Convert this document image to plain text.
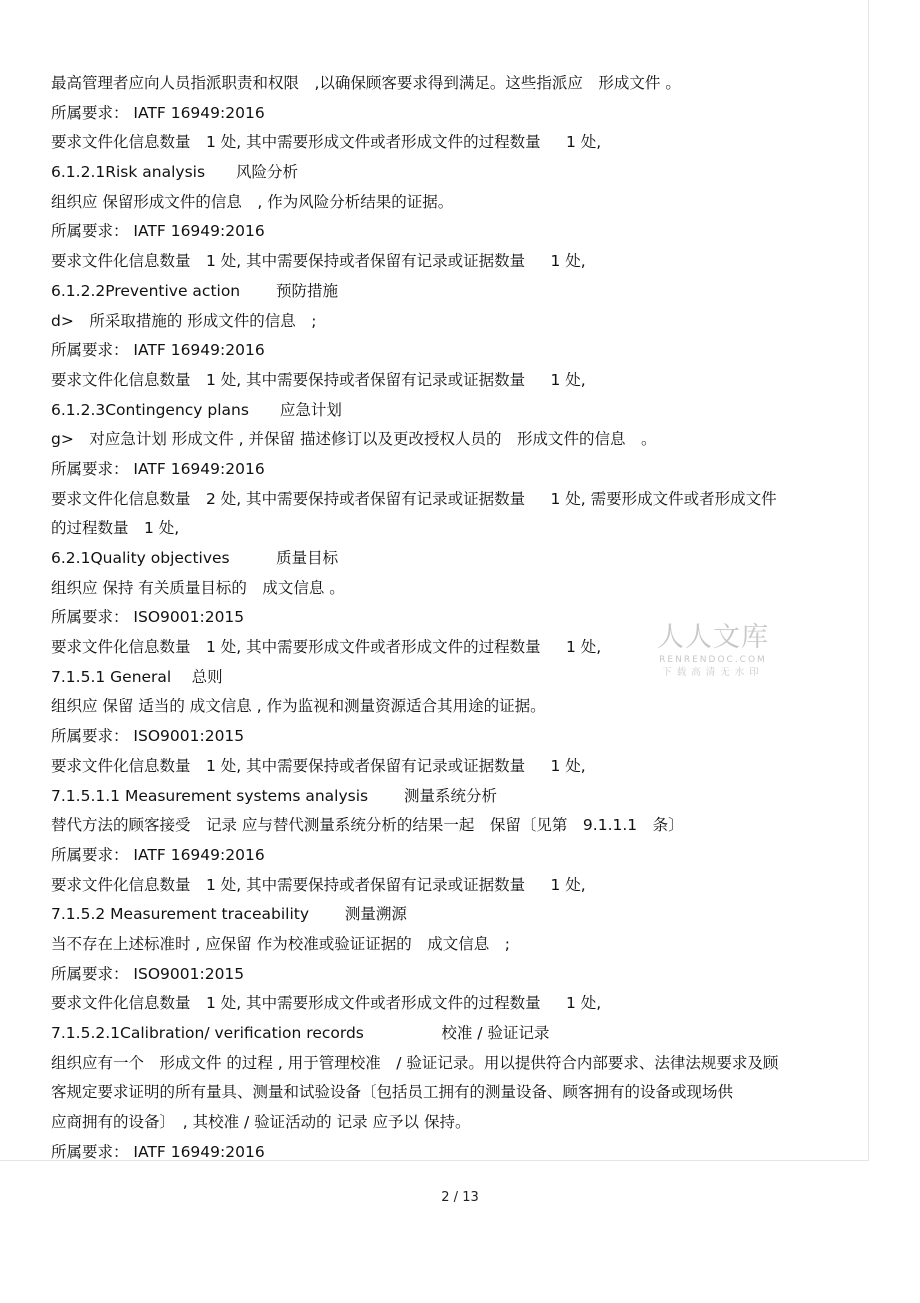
最高管理者应向人员指派职责和权限　,以确保顾客要求得到满足。这些指派应　形成文件 。
所属要求： IATF 16949:2016
要求文件化信息数量　1 处, 其中需要形成文件或者形成文件的过程数量　  1 处,
6.1.2.1Risk analysis　　风险分析
组织应 保留形成文件的信息　, 作为风险分析结果的证据。
所属要求： IATF 16949:2016
要求文件化信息数量　1 处, 其中需要保持或者保留有记录或证据数量　  1 处,
6.1.2.2Preventive action　　 预防措施
d>　所采取措施的 形成文件的信息　;
所属要求： IATF 16949:2016
要求文件化信息数量　1 处, 其中需要保持或者保留有记录或证据数量　  1 处,
6.1.2.3Contingency plans　　应急计划
g>　对应急计划 形成文件 , 并保留 描述修订以及更改授权人员的　形成文件的信息　。
所属要求： IATF 16949:2016
要求文件化信息数量　2 处, 其中需要保持或者保留有记录或证据数量　  1 处, 需要形成文件或者形成文件
的过程数量　1 处,
6.2.1Quality objectives　　　质量目标
组织应 保持 有关质量目标的　成文信息 。
所属要求： ISO9001:2015
要求文件化信息数量　1 处, 其中需要形成文件或者形成文件的过程数量　  1 处,
7.1.5.1 General　 总则
组织应 保留 适当的 成文信息 , 作为监视和测量资源适合其用途的证据。
所属要求： ISO9001:2015
要求文件化信息数量　1 处, 其中需要保持或者保留有记录或证据数量　  1 处,
7.1.5.1.1 Measurement systems analysis　　 测量系统分析
替代方法的顾客接受　记录 应与替代测量系统分析的结果一起　保留〔见第　9.1.1.1　条〕
所属要求： IATF 16949:2016
要求文件化信息数量　1 处, 其中需要保持或者保留有记录或证据数量　  1 处,
7.1.5.2 Measurement traceability　　 测量溯源
当不存在上述标准时 , 应保留 作为校准或验证证据的　成文信息　;
所属要求： ISO9001:2015
要求文件化信息数量　1 处, 其中需要形成文件或者形成文件的过程数量　  1 处,
7.1.5.2.1Calibration/ verification records　　　　　校准 / 验证记录
组织应有一个　形成文件 的过程 , 用于管理校准　/ 验证记录。用以提供符合内部要求、法律法规要求及顾
客规定要求证明的所有量具、测量和试验设备〔包括员工拥有的测量设备、顾客拥有的设备或现场供
应商拥有的设备〕　, 其校准 / 验证活动的 记录 应予以 保持。
所属要求： IATF 16949:2016
人人文库
RENRENDOC.COM
下载高清无水印
2 / 13
